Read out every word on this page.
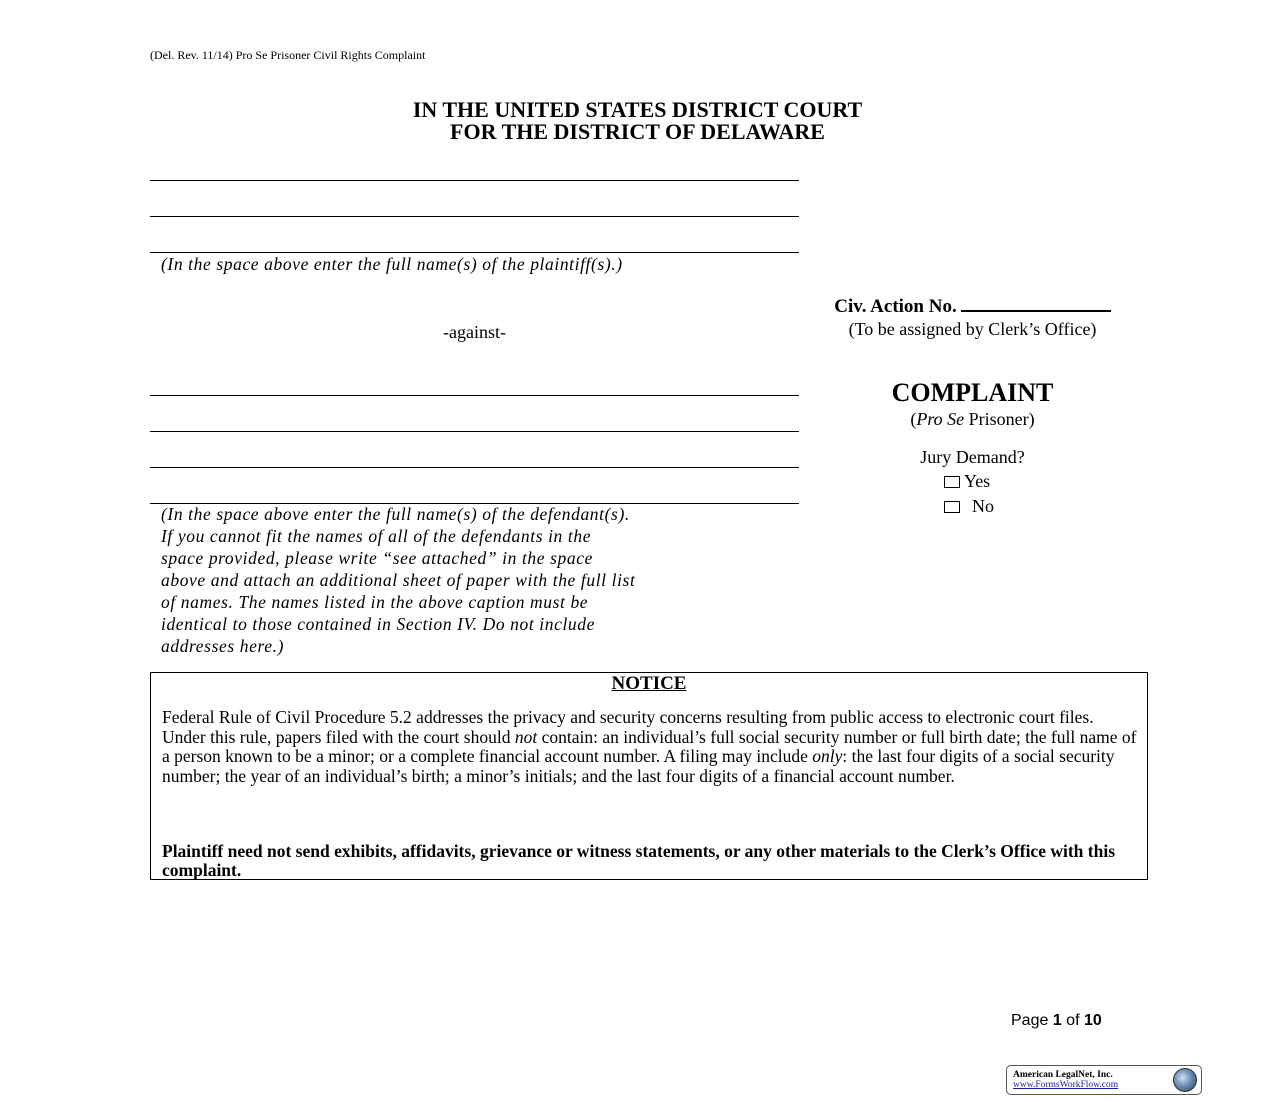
(Del. Rev. 11/14) Pro Se Prisoner Civil Rights Complaint
IN THE UNITED STATES DISTRICT COURT
FOR THE DISTRICT OF DELAWARE
(In the space above enter the full name(s) of the plaintiff(s).)
-against-
(In the space above enter the full name(s) of the defendant(s).
If you cannot fit the names of all of the defendants in the
space provided, please write “see attached” in the space
above and attach an additional sheet of paper with the full list
of names. The names listed in the above caption must be
identical to those contained in Section IV. Do not include
addresses here.)
Civ. Action No.
(To be assigned by Clerk’s Office)
COMPLAINT
(Pro Se Prisoner)
Jury Demand?
Yes
No
NOTICE
Federal Rule of Civil Procedure 5.2 addresses the privacy and security concerns resulting from public access to electronic court files. Under this rule, papers filed with the court should not contain: an individual’s full social security number or full birth date; the full name of a person known to be a minor; or a complete financial account number. A filing may include only: the last four digits of a social security number; the year of an individual’s birth; a minor’s initials; and the last four digits of a financial account number.
Plaintiff need not send exhibits, affidavits, grievance or witness statements, or any other materials to the Clerk’s Office with this complaint.
Page 1 of 10
American LegalNet, Inc.
www.FormsWorkFlow.com
